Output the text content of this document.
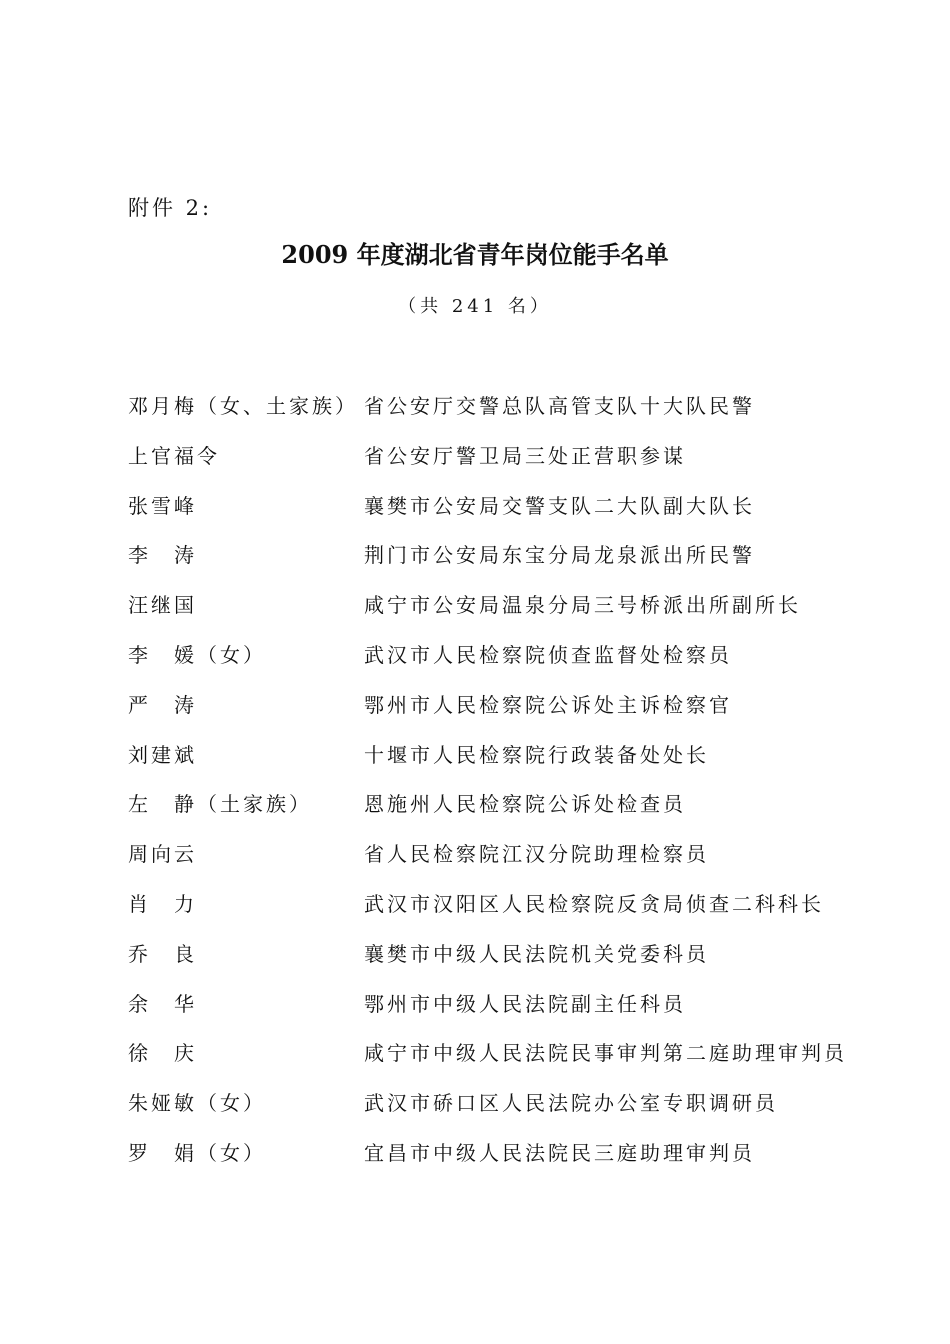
附件 2:
2009 年度湖北省青年岗位能手名单
（共 241 名）
邓月梅（女、土家族） 省公安厅交警总队高管支队十大队民警
上官福令	省公安厅警卫局三处正营职参谋
张雪峰	襄樊市公安局交警支队二大队副大队长
李　涛	荆门市公安局东宝分局龙泉派出所民警
汪继国	咸宁市公安局温泉分局三号桥派出所副所长
李　媛（女）	武汉市人民检察院侦查监督处检察员
严　涛	鄂州市人民检察院公诉处主诉检察官
刘建斌	十堰市人民检察院行政装备处处长
左　静（土家族）	恩施州人民检察院公诉处检查员
周向云	省人民检察院江汉分院助理检察员
肖　力	武汉市汉阳区人民检察院反贪局侦查二科科长
乔　良	襄樊市中级人民法院机关党委科员
余　华	鄂州市中级人民法院副主任科员
徐　庆	咸宁市中级人民法院民事审判第二庭助理审判员
朱娅敏（女）	武汉市硚口区人民法院办公室专职调研员
罗　娟（女）	宜昌市中级人民法院民三庭助理审判员
